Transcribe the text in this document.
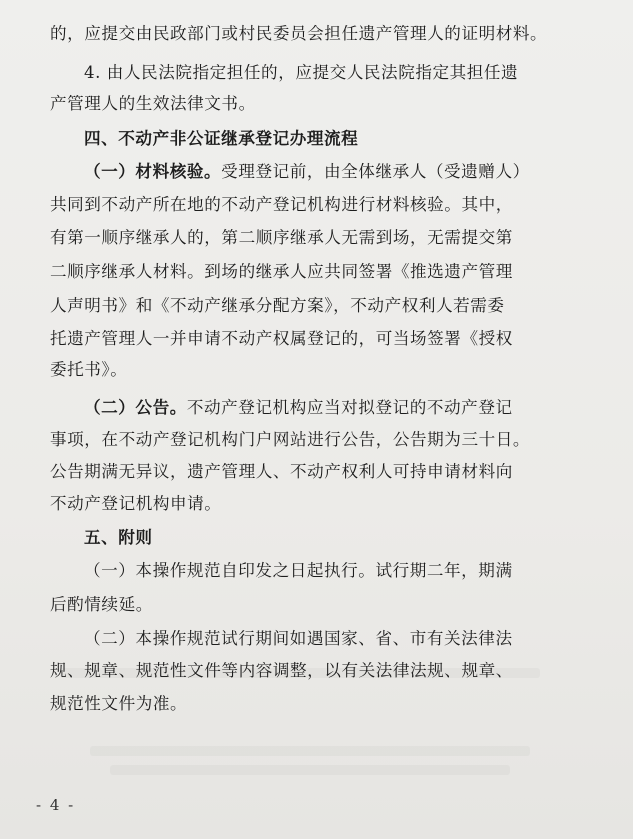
的，应提交由民政部门或村民委员会担任遗产管理人的证明材料。
4. 由人民法院指定担任的，应提交人民法院指定其担任遗
产管理人的生效法律文书。
四、不动产非公证继承登记办理流程
（一）材料核验。受理登记前，由全体继承人（受遗赠人）
共同到不动产所在地的不动产登记机构进行材料核验。其中，
有第一顺序继承人的，第二顺序继承人无需到场，无需提交第
二顺序继承人材料。到场的继承人应共同签署《推选遗产管理
人声明书》和《不动产继承分配方案》，不动产权利人若需委
托遗产管理人一并申请不动产权属登记的，可当场签署《授权
委托书》。
（二）公告。不动产登记机构应当对拟登记的不动产登记
事项，在不动产登记机构门户网站进行公告，公告期为三十日。
公告期满无异议，遗产管理人、不动产权利人可持申请材料向
不动产登记机构申请。
五、附则
（一）本操作规范自印发之日起执行。试行期二年，期满
后酌情续延。
（二）本操作规范试行期间如遇国家、省、市有关法律法
规、规章、规范性文件等内容调整，以有关法律法规、规章、
规范性文件为准。
- 4 -
